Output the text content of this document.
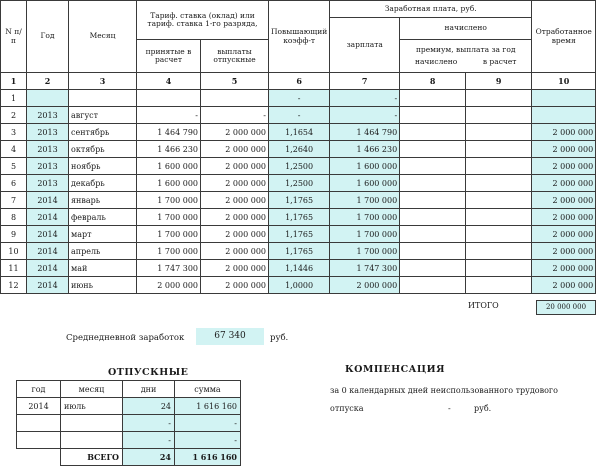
N п/п	Год	Месяц	Тариф. ставка (оклад) или тариф. ставка 1-го разряда,		Повышающий коэфф-т	Заработная плата, руб.			Отработанное время
						зарплата	начислено		
			принятые в расчет	выплаты отпускные			премиум, выплата за год
начислено в расчет		

1	2	3	4	5	6	7	8	9	10
1					-	-			
2	2013	август	-	-	-	-			
3	2013	сентябрь	1 464 790	2 000 000	1,1654	1 464 790			2 000 000
4	2013	октябрь	1 466 230	2 000 000	1,2640	1 466 230			2 000 000
5	2013	ноябрь	1 600 000	2 000 000	1,2500	1 600 000			2 000 000
6	2013	декабрь	1 600 000	2 000 000	1,2500	1 600 000			2 000 000
7	2014	январь	1 700 000	2 000 000	1,1765	1 700 000			2 000 000
8	2014	февраль	1 700 000	2 000 000	1,1765	1 700 000			2 000 000
9	2014	март	1 700 000	2 000 000	1,1765	1 700 000			2 000 000
10	2014	апрель	1 700 000	2 000 000	1,1765	1 700 000			2 000 000
11	2014	май	1 747 300	2 000 000	1,1446	1 747 300			2 000 000
12	2014	июнь	2 000 000	2 000 000	1,0000	2 000 000			2 000 000
ИТОГО	20 000 000
Среднедневной заработок	67 340	руб.
ОТПУСКНЫЕ
год	месяц	дни	сумма
2014	июль	24	1 616 160
		-	-
		-	-
	ВСЕГО	24	1 616 160
КОМПЕНСАЦИЯ
за 0 календарных дней неиспользованного трудового
отпуска	-	руб.
